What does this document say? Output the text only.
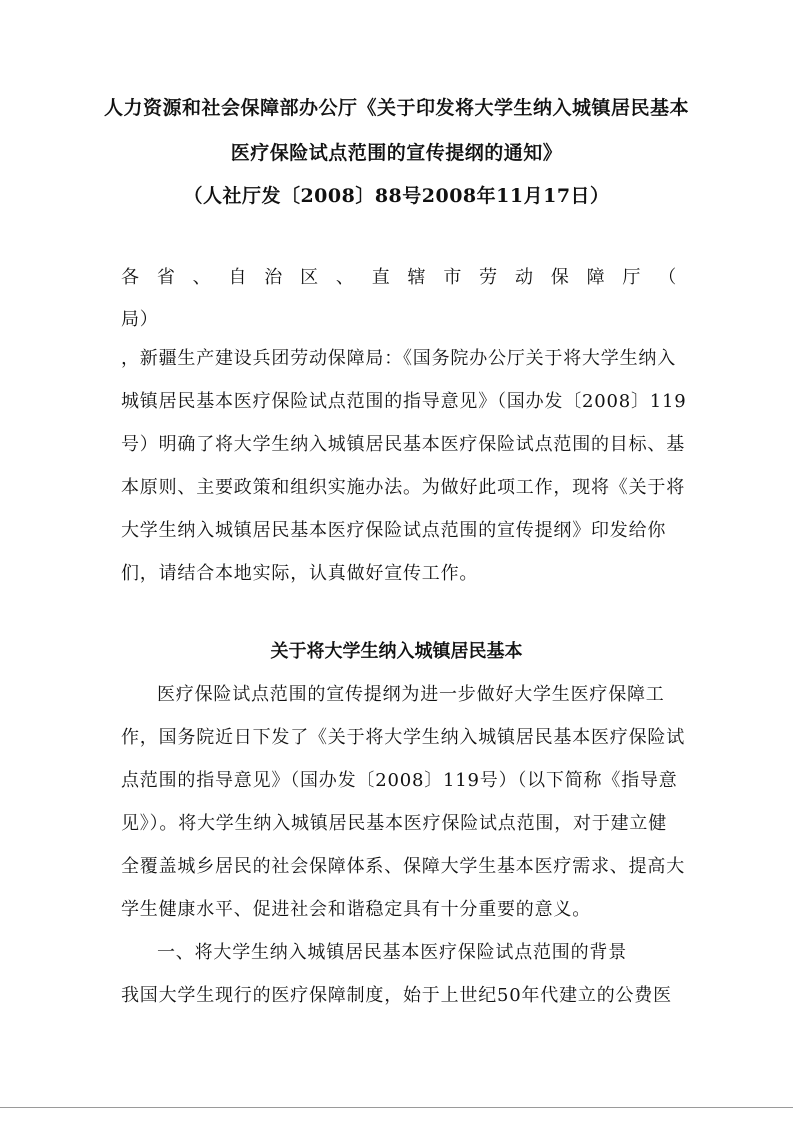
人力资源和社会保障部办公厅《关于印发将大学生纳入城镇居民基本
医疗保险试点范围的宣传提纲的通知》
（人社厅发〔2008〕88号2008年11月17日）
各 省 、 自 治 区 、 直 辖 市 劳 动 保 障 厅 （
局）
，新疆生产建设兵团劳动保障局：《国务院办公厅关于将大学生纳入
城镇居民基本医疗保险试点范围的指导意见》（国办发〔2008〕119
号）明确了将大学生纳入城镇居民基本医疗保险试点范围的目标、基
本原则、主要政策和组织实施办法。为做好此项工作，现将《关于将
大学生纳入城镇居民基本医疗保险试点范围的宣传提纲》印发给你
们，请结合本地实际，认真做好宣传工作。
关于将大学生纳入城镇居民基本
医疗保险试点范围的宣传提纲为进一步做好大学生医疗保障工
作，国务院近日下发了《关于将大学生纳入城镇居民基本医疗保险试
点范围的指导意见》（国办发〔2008〕119号）（以下简称《指导意
见》）。将大学生纳入城镇居民基本医疗保险试点范围，对于建立健
全覆盖城乡居民的社会保障体系、保障大学生基本医疗需求、提高大
学生健康水平、促进社会和谐稳定具有十分重要的意义。
一、将大学生纳入城镇居民基本医疗保险试点范围的背景
我国大学生现行的医疗保障制度，始于上世纪50年代建立的公费医
